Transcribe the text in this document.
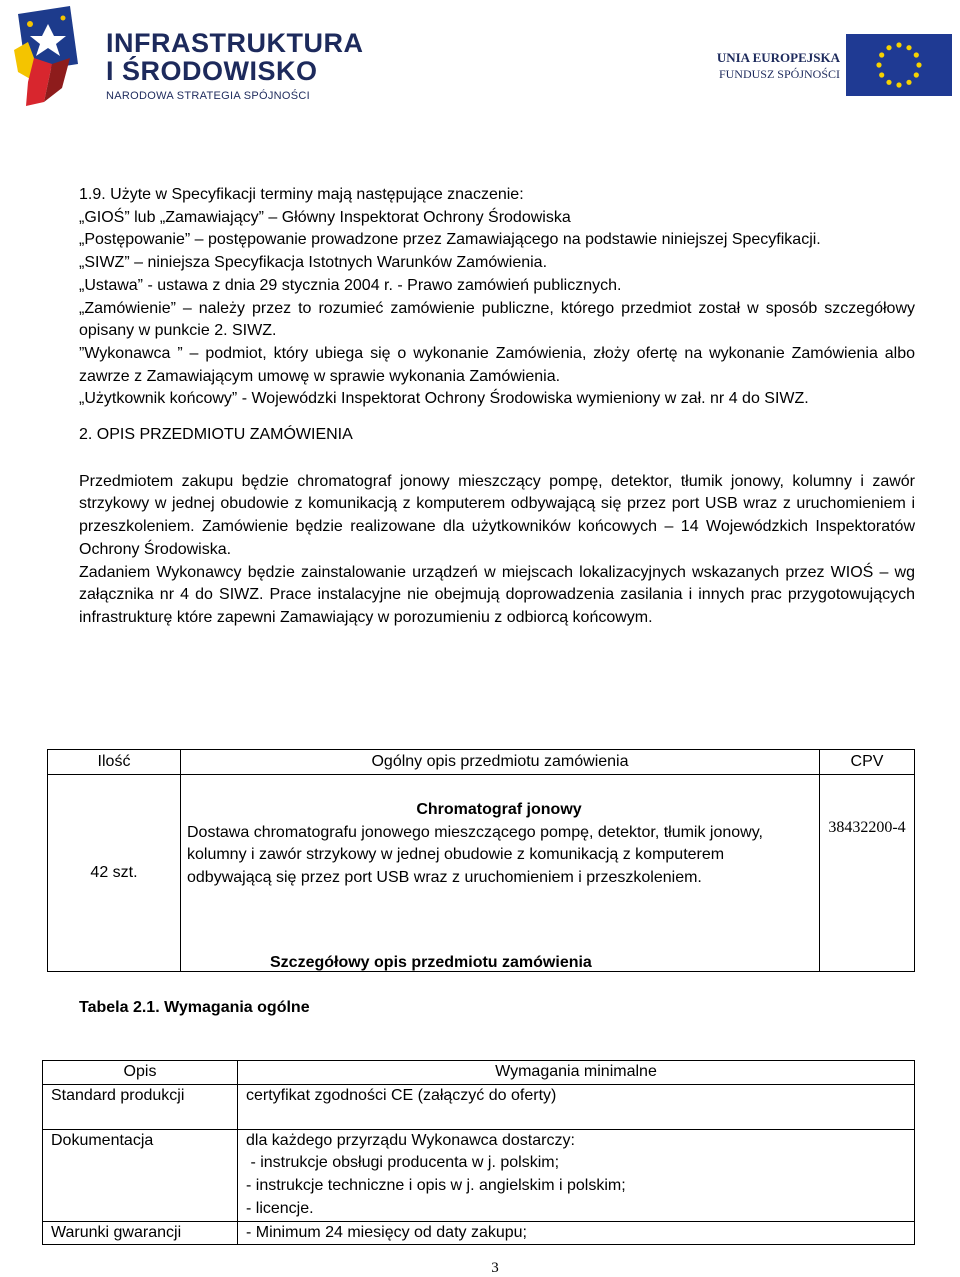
INFRASTRUKTURA
I ŚRODOWISKO
NARODOWA STRATEGIA SPÓJNOŚCI
UNIA EUROPEJSKA
FUNDUSZ SPÓJNOŚCI

1.9. Użyte w Specyfikacji terminy mają następujące znaczenie:

„GIOŚ” lub „Zamawiający” – Główny Inspektorat Ochrony Środowiska

„Postępowanie” – postępowanie prowadzone przez Zamawiającego na podstawie niniejszej Specyfikacji.

„SIWZ” – niniejsza Specyfikacja Istotnych Warunków Zamówienia.

„Ustawa” - ustawa z dnia 29 stycznia 2004 r. - Prawo zamówień publicznych.

„Zamówienie” – należy przez to rozumieć zamówienie publiczne, którego przedmiot został w sposób szczegółowy opisany w punkcie 2. SIWZ.

”Wykonawca ” – podmiot, który ubiega się o wykonanie Zamówienia, złoży ofertę na wykonanie Zamówienia albo zawrze z Zamawiającym umowę w sprawie wykonania Zamówienia.

„Użytkownik końcowy” - Wojewódzki Inspektorat Ochrony Środowiska wymieniony w zał. nr 4 do SIWZ.

2. OPIS PRZEDMIOTU ZAMÓWIENIA

Przedmiotem zakupu będzie chromatograf jonowy mieszczący pompę, detektor, tłumik jonowy, kolumny i zawór strzykowy w jednej obudowie z komunikacją z komputerem odbywającą się przez port USB wraz z uruchomieniem i przeszkoleniem. Zamówienie będzie realizowane dla użytkowników końcowych – 14 Wojewódzkich Inspektoratów Ochrony Środowiska.

Zadaniem Wykonawcy będzie zainstalowanie urządzeń w miejscach lokalizacyjnych wskazanych przez WIOŚ – wg załącznika nr 4 do SIWZ. Prace instalacyjne nie obejmują doprowadzenia zasilania i innych prac przygotowujących infrastrukturę które zapewni Zamawiający w porozumieniu z odbiorcą końcowym.

Ilość	Ogólny opis przedmiotu zamówienia	CPV
42 szt.	Chromatograf jonowy
Dostawa chromatografu jonowego mieszczącego pompę, detektor, tłumik jonowy, kolumny i zawór strzykowy w jednej obudowie z komunikacją z komputerem odbywającą się przez port USB wraz z uruchomieniem i przeszkoleniem.	38432200-4
Szczegółowy opis przedmiotu zamówienia
Tabela 2.1. Wymagania ogólne
Opis	Wymagania minimalne
Standard produkcji	certyfikat zgodności CE (załączyć do oferty)

Dokumentacja	dla każdego przyrządu Wykonawca dostarczy:
- instrukcje obsługi producenta w j. polskim;
- instrukcje techniczne i opis w j. angielskim i polskim;
- licencje.

Warunki gwarancji	- Minimum 24 miesięcy od daty zakupu;
3
